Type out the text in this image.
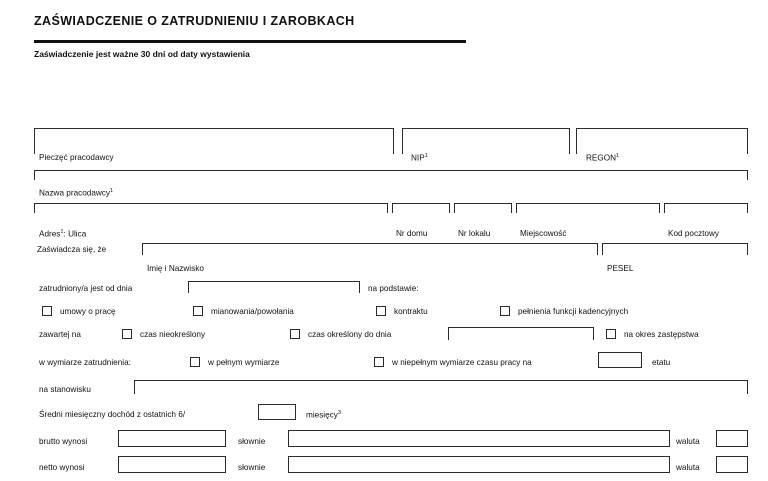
ZAŚWIADCZENIE O ZATRUDNIENIU I ZAROBKACH
Zaświadczenie jest ważne 30 dni od daty wystawienia
Pieczęć pracodawcy	NIP$^1$	REGON$^1$
Nazwa pracodawcy$^1$
Adres$^1$: Ulica	Nr domu	Nr lokalu	Miejscowość	Kod pocztowy
Zaświadcza się, że
Imię i Nazwisko	PESEL
zatrudniony/a jest od dnia	na podstawie:
umowy o pracę	mianowania/powołania	kontraktu	pełnienia funkcji kadencyjnych
zawartej na	czas nieokreślony	czas określony do dnia	na okres zastępstwa
w wymiarze zatrudnienia:	w pełnym wymiarze	w niepełnym wymiarze czasu pracy na	etatu
na stanowisku
Średni miesięczny dochód z ostatnich 6/	miesięcy$^3$
brutto wynosi	słownie	waluta
netto wynosi	słownie	waluta
